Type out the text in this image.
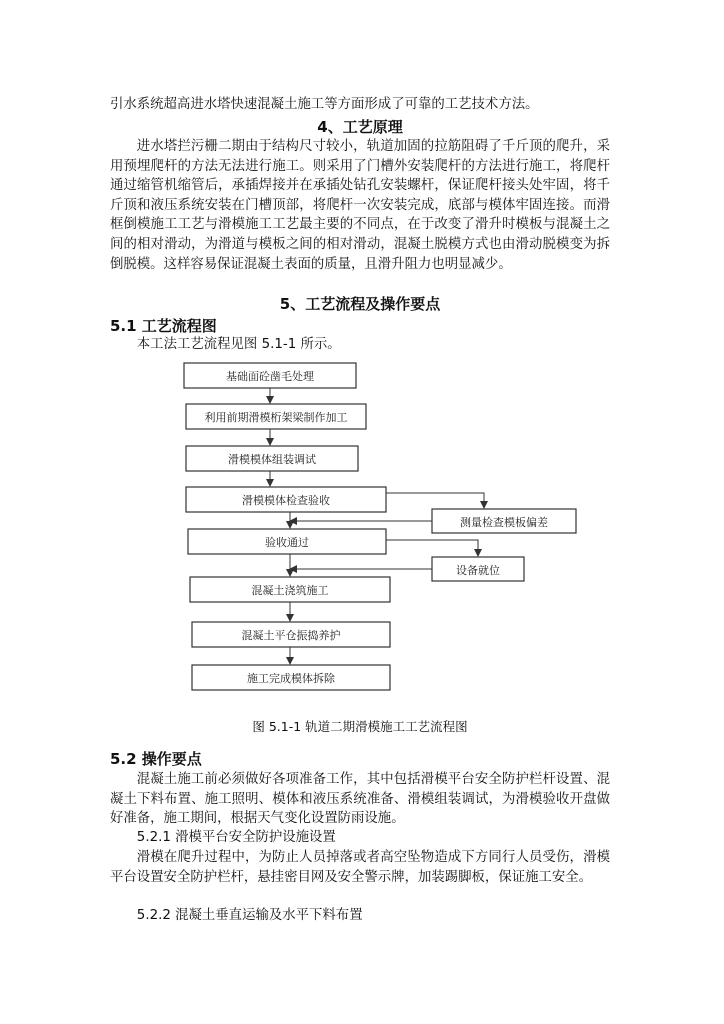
引水系统超高进水塔快速混凝土施工等方面形成了可靠的工艺技术方法。

4、工艺原理

进水塔拦污栅二期由于结构尺寸较小，轨道加固的拉筋阻碍了千斤顶的爬升，采用预埋爬杆的方法无法进行施工。则采用了门槽外安装爬杆的方法进行施工，将爬杆通过缩管机缩管后，承插焊接并在承插处钻孔安装螺杆，保证爬杆接头处牢固，将千斤顶和液压系统安装在门槽顶部，将爬杆一次安装完成，底部与模体牢固连接。而滑框倒模施工工艺与滑模施工工艺最主要的不同点，在于改变了滑升时模板与混凝土之间的相对滑动，为滑道与模板之间的相对滑动，混凝土脱模方式也由滑动脱模变为拆倒脱模。这样容易保证混凝土表面的质量，且滑升阻力也明显减少。

5、工艺流程及操作要点
5.1 工艺流程图

本工法工艺流程见图 5.1-1 所示。

基础面砼凿毛处理
利用前期滑模桁架梁制作加工
滑模模体组装调试
滑模模体检查验收
测量检查模板偏差
验收通过
设备就位
混凝土浇筑施工
混凝土平仓振捣养护
施工完成模体拆除
图 5.1-1 轨道二期滑模施工工艺流程图
5.2 操作要点

混凝土施工前必须做好各项准备工作，其中包括滑模平台安全防护栏杆设置、混凝土下料布置、施工照明、模体和液压系统准备、滑模组装调试，为滑模验收开盘做好准备，施工期间，根据天气变化设置防雨设施。

5.2.1 滑模平台安全防护设施设置

滑模在爬升过程中，为防止人员掉落或者高空坠物造成下方同行人员受伤，滑模平台设置安全防护栏杆，悬挂密目网及安全警示牌，加装踢脚板，保证施工安全。

5.2.2 混凝土垂直运输及水平下料布置
